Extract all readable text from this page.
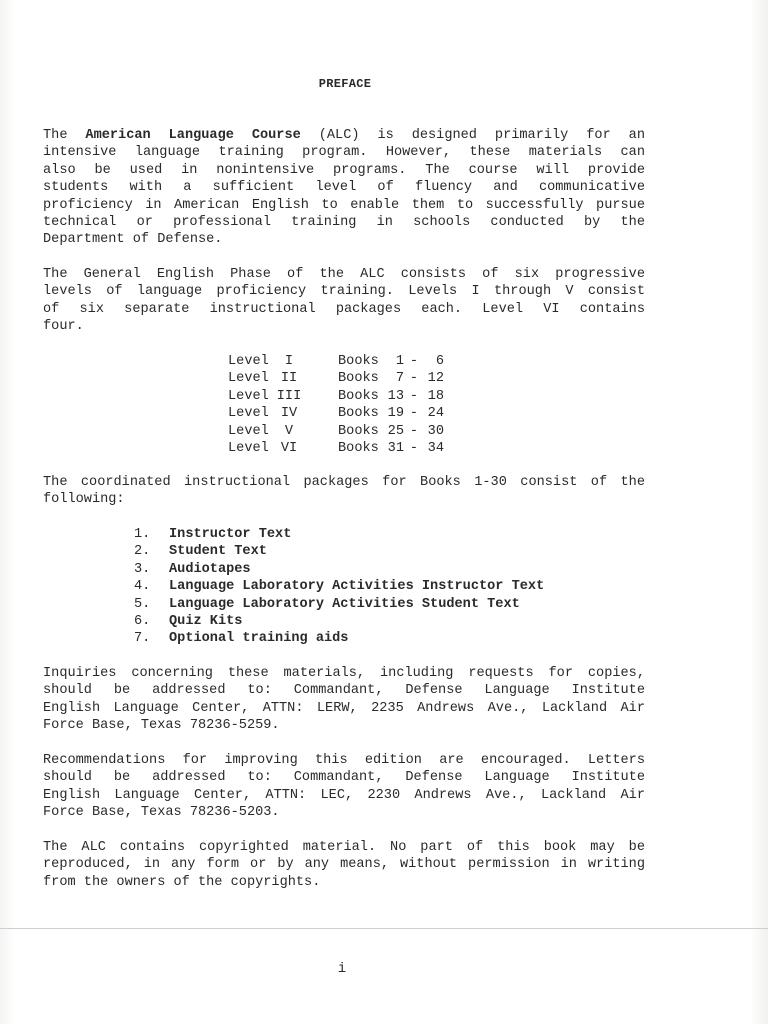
PREFACE
The American Language Course (ALC) is designed primarily for an
intensive language training program. However, these materials can
also be used in nonintensive programs. The course will provide
students with a sufficient level of fluency and communicative
proficiency in American English to enable them to successfully pursue
technical or professional training in schools conducted by the
Department of Defense.
The General English Phase of the ALC consists of six progressive
levels of language proficiency training. Levels I through V consist
of six separate instructional packages each. Level VI contains
four.
Level	I	Books	1 -	6
Level II	Books	7 - 12
Level III	Books 13 - 18
Level IV	Books 19 - 24
Level	V	Books 25 - 30
Level VI	Books 31 - 34
The coordinated instructional packages for Books 1-30 consist of the
following:
1.	Instructor Text
2.	Student Text
3.	Audiotapes
4.	Language Laboratory Activities Instructor Text
5.	Language Laboratory Activities Student Text
6.	Quiz Kits
7.	Optional training aids
Inquiries concerning these materials, including requests for copies,
should be addressed to: Commandant, Defense Language Institute
English Language Center, ATTN: LERW, 2235 Andrews Ave., Lackland Air
Force Base, Texas 78236-5259.
Recommendations for improving this edition are encouraged. Letters
should be addressed to: Commandant, Defense Language Institute
English Language Center, ATTN: LEC, 2230 Andrews Ave., Lackland Air
Force Base, Texas 78236-5203.
The ALC contains copyrighted material. No part of this book may be
reproduced, in any form or by any means, without permission in writing
from the owners of the copyrights.
i
